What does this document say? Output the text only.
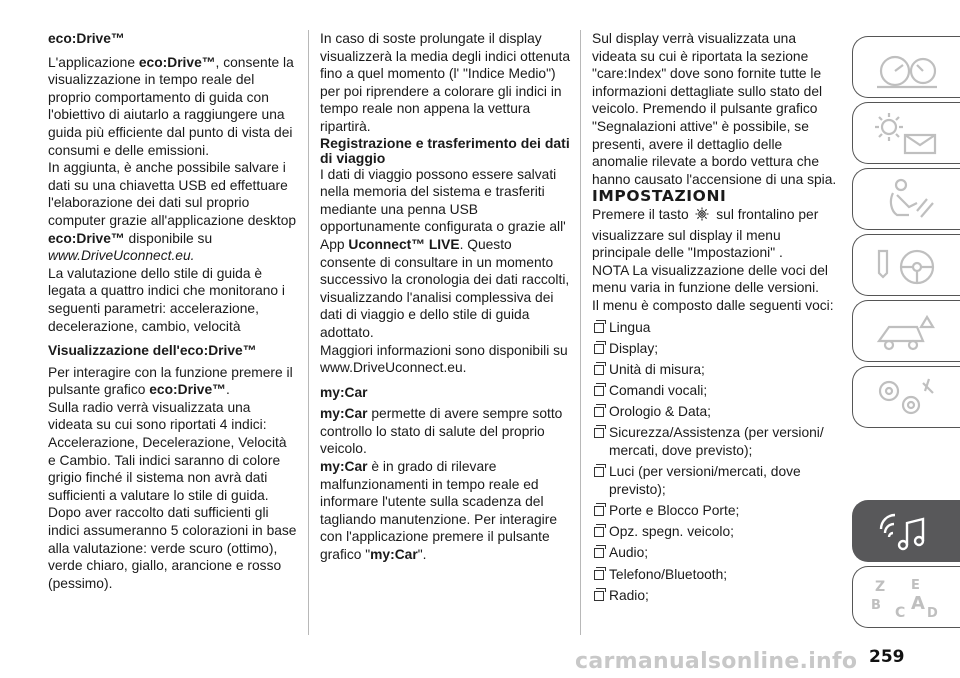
eco:Drive™

L'applicazione eco:Drive™, consente la visualizzazione in tempo reale del proprio comportamento di guida con l'obiettivo di aiutarlo a raggiungere una guida più efficiente dal punto di vista dei consumi e delle emissioni.

In aggiunta, è anche possibile salvare i dati su una chiavetta USB ed effettuare l'elaborazione dei dati sul proprio computer grazie all'applicazione desktop eco:Drive™ disponibile su
www.DriveUconnect.eu.

La valutazione dello stile di guida è legata a quattro indici che monitorano i seguenti parametri: accelerazione, decelerazione, cambio, velocità

Visualizzazione dell'eco:Drive™

Per interagire con la funzione premere il pulsante grafico eco:Drive™.

Sulla radio verrà visualizzata una videata su cui sono riportati 4 indici: Accelerazione, Decelerazione, Velocità e Cambio. Tali indici saranno di colore grigio finché il sistema non avrà dati sufficienti a valutare lo stile di guida. Dopo aver raccolto dati sufficienti gli indici assumeranno 5 colorazioni in base alla valutazione: verde scuro (ottimo), verde chiaro, giallo, arancione e rosso (pessimo).

In caso di soste prolungate il display visualizzerà la media degli indici ottenuta fino a quel momento (l' "Indice Medio") per poi riprendere a colorare gli indici in tempo reale non appena la vettura ripartirà.

Registrazione e trasferimento dei dati di viaggio

I dati di viaggio possono essere salvati nella memoria del sistema e trasferiti mediante una penna USB opportunamente configurata o grazie all' App Uconnect™ LIVE. Questo consente di consultare in un momento successivo la cronologia dei dati raccolti, visualizzando l'analisi complessiva dei dati di viaggio e dello stile di guida adottato.

Maggiori informazioni sono disponibili su www.DriveUconnect.eu.

my:Car

my:Car permette di avere sempre sotto controllo lo stato di salute del proprio veicolo.

my:Car è in grado di rilevare malfunzionamenti in tempo reale ed informare l'utente sulla scadenza del tagliando manutenzione. Per interagire con l'applicazione premere il pulsante grafico "my:Car".

Sul display verrà visualizzata una videata su cui è riportata la sezione "care:Index" dove sono fornite tutte le informazioni dettagliate sullo stato del veicolo. Premendo il pulsante grafico "Segnalazioni attive" è possibile, se presenti, avere il dettaglio delle anomalie rilevate a bordo vettura che hanno causato l'accensione di una spia.

IMPOSTAZIONI

Premere il tasto  sul frontalino per visualizzare sul display il menu principale delle "Impostazioni" .

NOTA La visualizzazione delle voci del menu varia in funzione delle versioni.

Il menu è composto dalle seguenti voci:

Lingua
Display;
Unità di misura;
Comandi vocali;
Orologio & Data;
Sicurezza/Assistenza (per versioni/ mercati, dove previsto);
Luci (per versioni/mercati, dove previsto);
Porte e Blocco Porte;
Opz. spegn. veicolo;
Audio;
Telefono/Bluetooth;
Radio;
Z E
B C A D
carmanualsonline.info 259
